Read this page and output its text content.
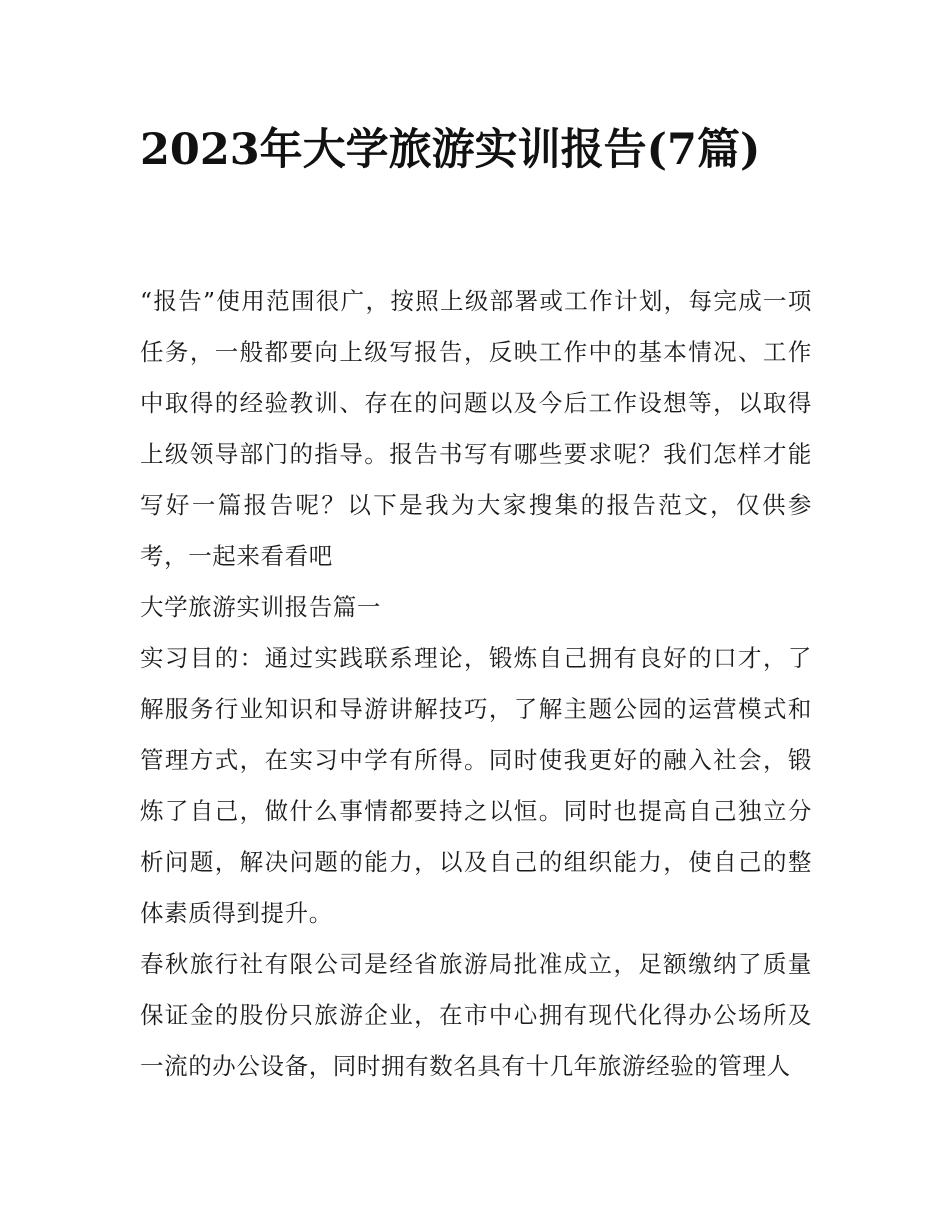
2023年大学旅游实训报告(7篇)

“报告”使用范围很广，按照上级部署或工作计划，每完成一项任务，一般都要向上级写报告，反映工作中的基本情况、工作中取得的经验教训、存在的问题以及今后工作设想等，以取得上级领导部门的指导。报告书写有哪些要求呢？我们怎样才能写好一篇报告呢？以下是我为大家搜集的报告范文，仅供参考，一起来看看吧

大学旅游实训报告篇一

实习目的：通过实践联系理论，锻炼自己拥有良好的口才，了解服务行业知识和导游讲解技巧，了解主题公园的运营模式和管理方式，在实习中学有所得。同时使我更好的融入社会，锻炼了自己，做什么事情都要持之以恒。同时也提高自己独立分析问题，解决问题的能力，以及自己的组织能力，使自己的整体素质得到提升。

春秋旅行社有限公司是经省旅游局批准成立，足额缴纳了质量保证金的股份只旅游企业，在市中心拥有现代化得办公场所及一流的办公设备，同时拥有数名具有十几年旅游经验的管理人
